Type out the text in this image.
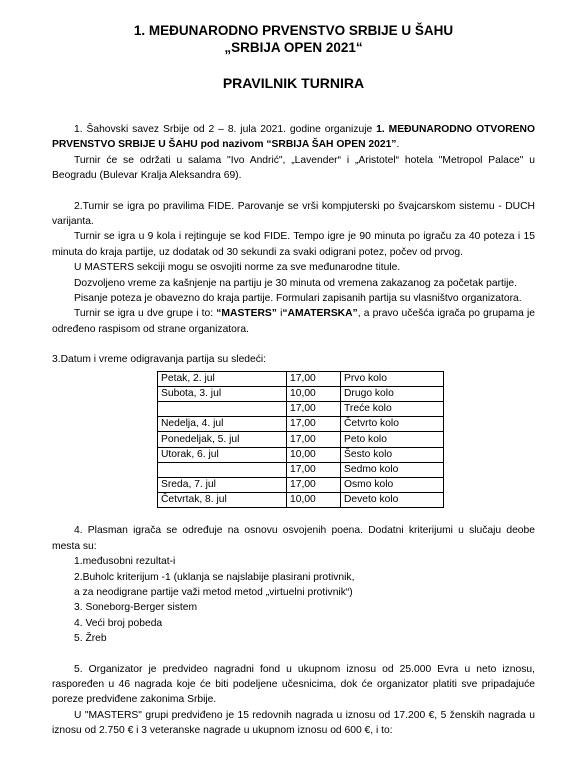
1. MEĐUNARODNO PRVENSTVO SRBIJE U ŠAHU
„SRBIJA OPEN 2021“
PRAVILNIK TURNIRA

1. Šahovski savez Srbije od 2 – 8. jula 2021. godine organizuje 1. MEĐUNARODNO OTVORENO PRVENSTVO SRBIJE U ŠAHU pod nazivom “SRBIJA ŠAH OPEN 2021”.

Turnir će se održati u salama "Ivo Andrić", „Lavender“ i „Aristotel“ hotela "Metropol Palace" u Beogradu (Bulevar Kralja Aleksandra 69).

2.Turnir se igra po pravilima FIDE. Parovanje se vrši kompjuterski po švajcarskom sistemu - DUCH varijanta.

Turnir se igra u 9 kola i rejtinguje se kod FIDE. Tempo igre je 90 minuta po igraču za 40 poteza i 15 minuta do kraja partije, uz dodatak od 30 sekundi za svaki odigrani potez, počev od prvog.

U MASTERS sekciji mogu se osvojiti norme za sve međunarodne titule.

Dozvoljeno vreme za kašnjenje na partiju je 30 minuta od vremena zakazanog za početak partije.

Pisanje poteza je obavezno do kraja partije. Formulari zapisanih partija su vlasništvo organizatora.

Turnir se igra u dve grupe i to: “MASTERS” i“AMATERSKA”, a pravo učešća igrača po grupama je određeno raspisom od strane organizatora.

3.Datum i vreme odigravanja partija su sledeći:

Petak, 2. jul	17,00	Prvo kolo
Subota, 3. jul	10,00	Drugo kolo
	17,00	Treće kolo
Nedelja, 4. jul	17,00	Četvrto kolo
Ponedeljak, 5. jul	17,00	Peto kolo
Utorak, 6. jul	10,00	Šesto kolo
	17,00	Sedmo kolo
Sreda, 7. jul	17,00	Osmo kolo
Četvrtak, 8. jul	10,00	Deveto kolo

4. Plasman igrača se određuje na osnovu osvojenih poena. Dodatni kriterijumi u slučaju deobe mesta su:

1.međusobni rezultat-i

2.Buholc kriterijum -1 (uklanja se najslabije plasirani protivnik,

a za neodigrane partije važi metod metod „virtuelni protivnik“)

3. Soneborg-Berger sistem

4. Veći broj pobeda

5. Žreb

5. Organizator je predvideo nagradni fond u ukupnom iznosu od 25.000 Evra u neto iznosu, raspoređen u 46 nagrada koje će biti podeljene učesnicima, dok će organizator platiti sve pripadajuće poreze predviđene zakonima Srbije.

U "MASTERS" grupi predviđeno je 15 redovnih nagrada u iznosu od 17.200 €, 5 ženskih nagrada u iznosu od 2.750 € i 3 veteranske nagrade u ukupnom iznosu od 600 €, i to:
